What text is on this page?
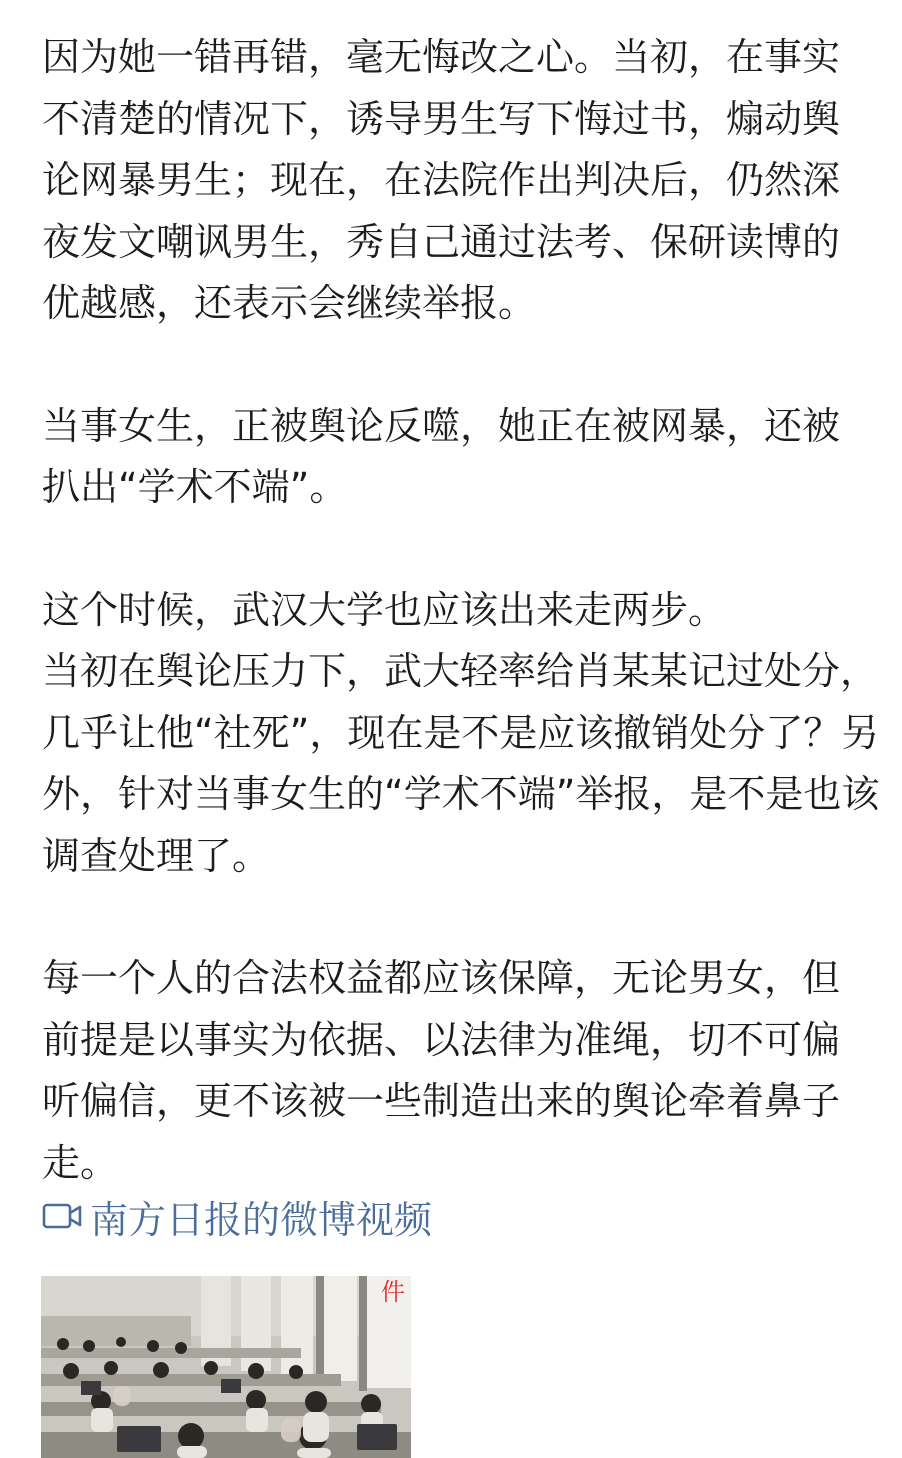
因为她一错再错，毫无悔改之心。当初，在事实不清楚的情况下，诱导男生写下悔过书，煽动舆论网暴男生；现在，在法院作出判决后，仍然深夜发文嘲讽男生，秀自己通过法考、保研读博的优越感，还表示会继续举报。

当事女生，正被舆论反噬，她正在被网暴，还被扒出“学术不端”。

这个时候，武汉大学也应该出来走两步。
当初在舆论压力下，武大轻率给肖某某记过处分，几乎让他“社死”，现在是不是应该撤销处分了？另外，针对当事女生的“学术不端”举报，是不是也该调查处理了。

每一个人的合法权益都应该保障，无论男女，但前提是以事实为依据、以法律为准绳，切不可偏听偏信，更不该被一些制造出来的舆论牵着鼻子走。

南方日报的微博视频
件
